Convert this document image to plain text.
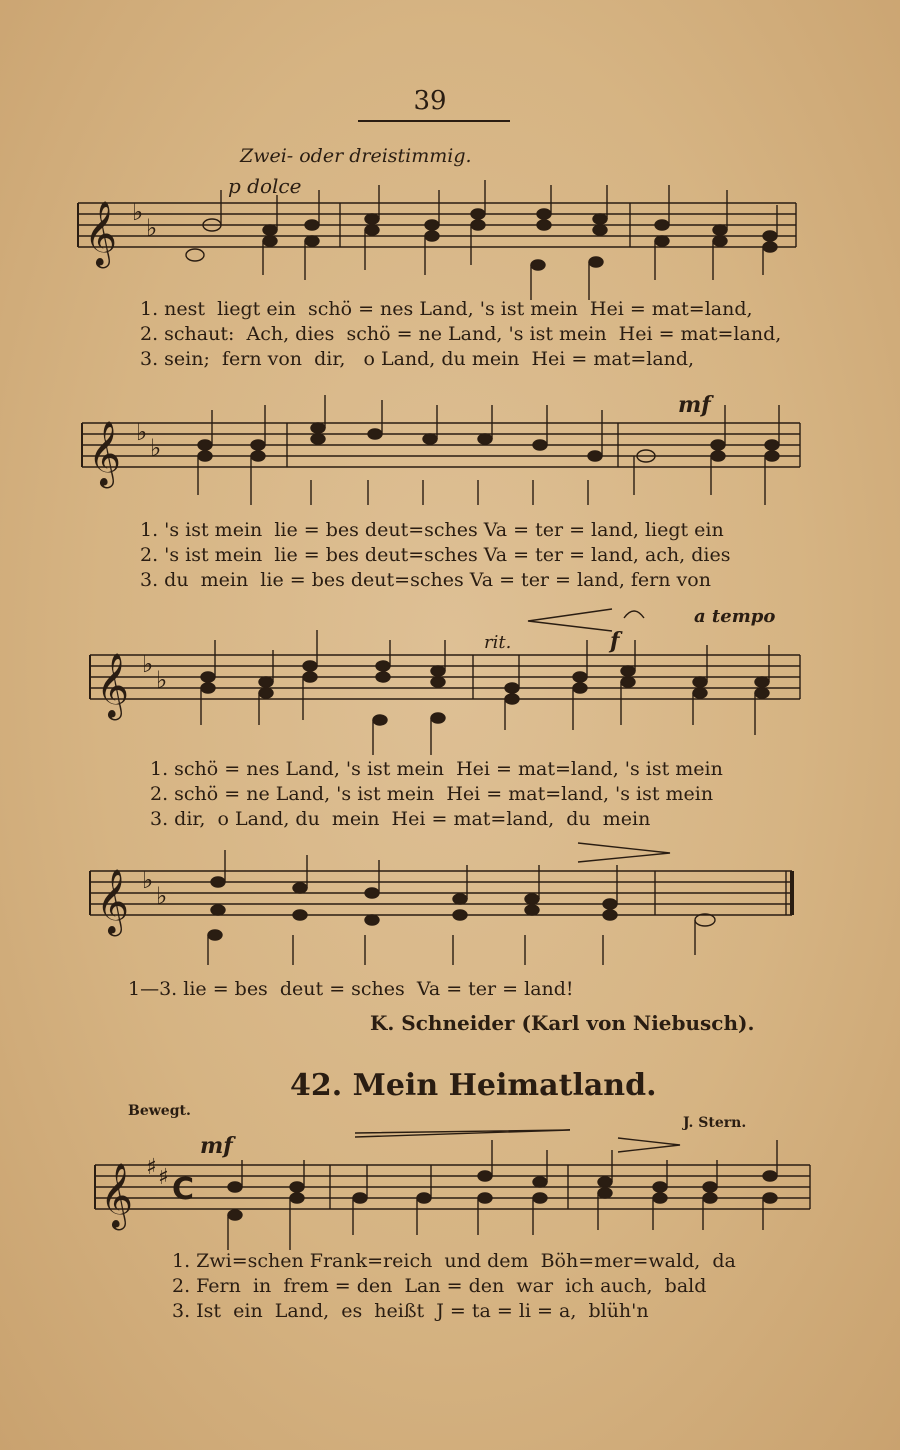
39
Zwei- oder dreistimmig.
𝄞 ♭
♭
𝄞 ♭
♭
𝄞 ♭
♭
𝄞 ♭
♭
𝄞 ♯ ♯ C
p dolce
mf
rit.	f
a tempo
1. nest  liegt ein  schö = nes Land, 's ist mein  Hei = mat=land,
2. schaut:  Ach, dies  schö = ne Land, 's ist mein  Hei = mat=land,
3. sein;  fern von  dir,   o Land, du mein  Hei = mat=land,
1. 's ist mein  lie = bes deut=sches Va = ter = land, liegt ein
2. 's ist mein  lie = bes deut=sches Va = ter = land, ach, dies
3. du  mein  lie = bes deut=sches Va = ter = land, fern von
1. schö = nes Land, 's ist mein  Hei = mat=land, 's ist mein
2. schö = ne Land, 's ist mein  Hei = mat=land, 's ist mein
3. dir,  o Land, du  mein  Hei = mat=land,  du  mein
1—3. lie = bes  deut = sches  Va = ter = land!
K. Schneider (Karl von Niebusch).
42. Mein Heimatland.
Bewegt.
J. Stern.
mf
1. Zwi=schen Frank=reich  und dem  Böh=mer=wald,  da
2. Fern  in  frem = den  Lan = den  war  ich auch,  bald
3. Ist  ein  Land,  es  heißt  J = ta = li = a,  blüh'n
